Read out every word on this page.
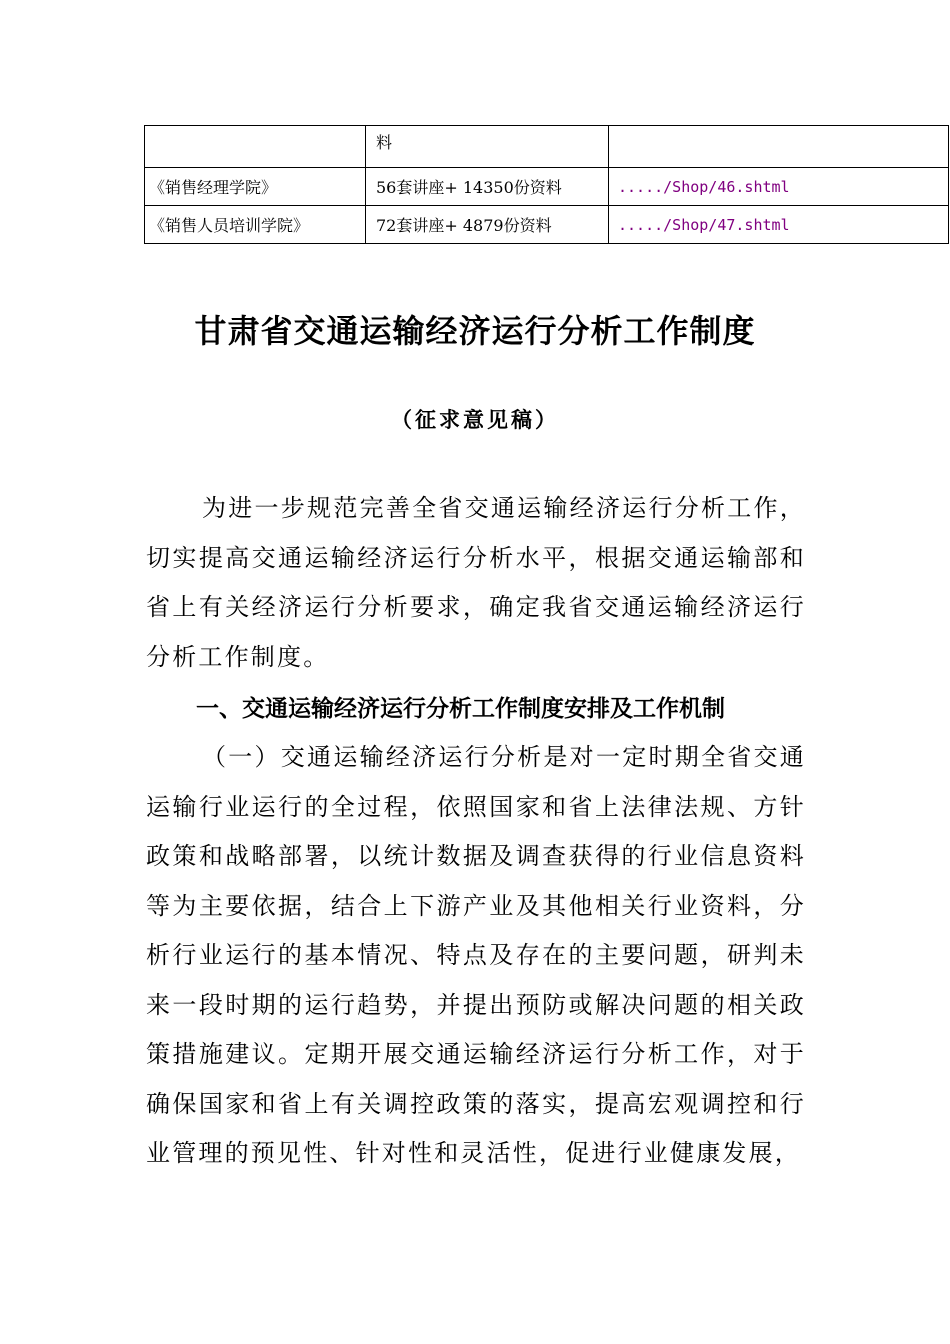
	料	
《销售经理学院》	56套讲座+ 14350份资料	...../Shop/46.shtml
《销售人员培训学院》	72套讲座+ 4879份资料	...../Shop/47.shtml
甘肃省交通运输经济运行分析工作制度
（征求意见稿）

为进一步规范完善全省交通运输经济运行分析工作，切实提高交通运输经济运行分析水平，根据交通运输部和省上有关经济运行分析要求，确定我省交通运输经济运行分析工作制度。

一、交通运输经济运行分析工作制度安排及工作机制

（一）交通运输经济运行分析是对一定时期全省交通运输行业运行的全过程，依照国家和省上法律法规、方针政策和战略部署，以统计数据及调查获得的行业信息资料等为主要依据，结合上下游产业及其他相关行业资料，分析行业运行的基本情况、特点及存在的主要问题，研判未来一段时期的运行趋势，并提出预防或解决问题的相关政策措施建议。定期开展交通运输经济运行分析工作，对于确保国家和省上有关调控政策的落实，提高宏观调控和行业管理的预见性、针对性和灵活性，促进行业健康发展，
